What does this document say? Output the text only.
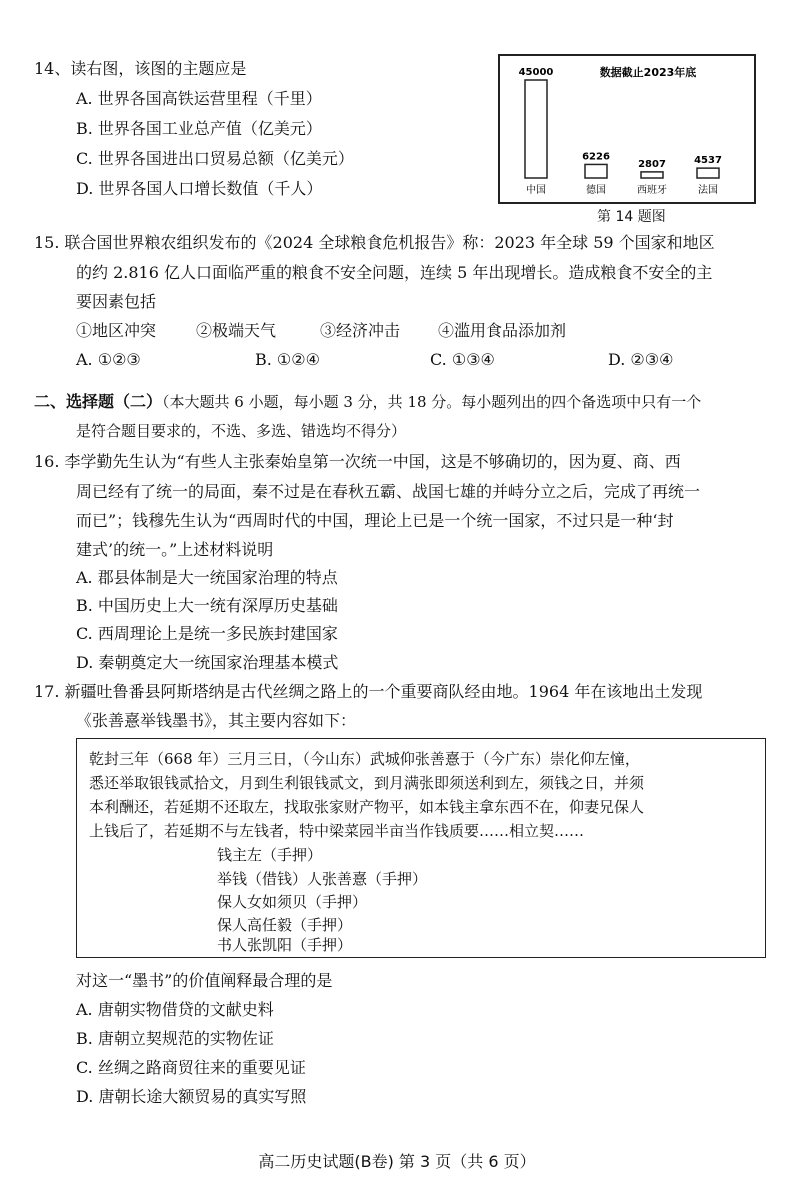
14、读右图，该图的主题应是
A. 世界各国高铁运营里程（千里）
B. 世界各国工业总产值（亿美元）
C. 世界各国进出口贸易总额（亿美元）
D. 世界各国人口增长数值（千人）
数据截止2023年底
45000
中国
6226
德国
2807
西班牙
4537
法国
第 14 题图
15. 联合国世界粮农组织发布的《2024 全球粮食危机报告》称：2023 年全球 59 个国家和地区
的约 2.816 亿人口面临严重的粮食不安全问题，连续 5 年出现增长。造成粮食不安全的主
要因素包括
①地区冲突 ②极端天气	③经济冲击 ④滥用食品添加剂
A. ①②③	B. ①②④	C. ①③④	D. ②③④
二、选择题（二）（本大题共 6 小题，每小题 3 分，共 18 分。每小题列出的四个备选项中只有一个
是符合题目要求的，不选、多选、错选均不得分）
16. 李学勤先生认为“有些人主张秦始皇第一次统一中国，这是不够确切的，因为夏、商、西
周已经有了统一的局面，秦不过是在春秋五霸、战国七雄的并峙分立之后，完成了再统一
而已”；钱穆先生认为“西周时代的中国，理论上已是一个统一国家，不过只是一种‘封
建式’的统一。”上述材料说明
A. 郡县体制是大一统国家治理的特点
B. 中国历史上大一统有深厚历史基础
C. 西周理论上是统一多民族封建国家
D. 秦朝奠定大一统国家治理基本模式
17. 新疆吐鲁番县阿斯塔纳是古代丝绸之路上的一个重要商队经由地。1964 年在该地出土发现
《张善憙举钱墨书》，其主要内容如下：
乾封三年（668 年）三月三日，（今山东）武城仰张善憙于（今广东）崇化仰左憧，
悉还举取银钱贰拾文，月到生利银钱贰文，到月满张即须送利到左，须钱之日，并须
本利酬还，若延期不还取左，找取张家财产物平，如本钱主拿东西不在，仰妻兄保人
上钱后了，若延期不与左钱者，特中梁菜园半亩当作钱质要……相立契……
钱主左（手押）
举钱（借钱）人张善憙（手押）
保人女如须贝（手押）
保人高任毅（手押）
书人张凯阳（手押）
对这一“墨书”的价值阐释最合理的是
A. 唐朝实物借贷的文献史料
B. 唐朝立契规范的实物佐证
C. 丝绸之路商贸往来的重要见证
D. 唐朝长途大额贸易的真实写照
高二历史试题(B卷) 第 3 页（共 6 页）
